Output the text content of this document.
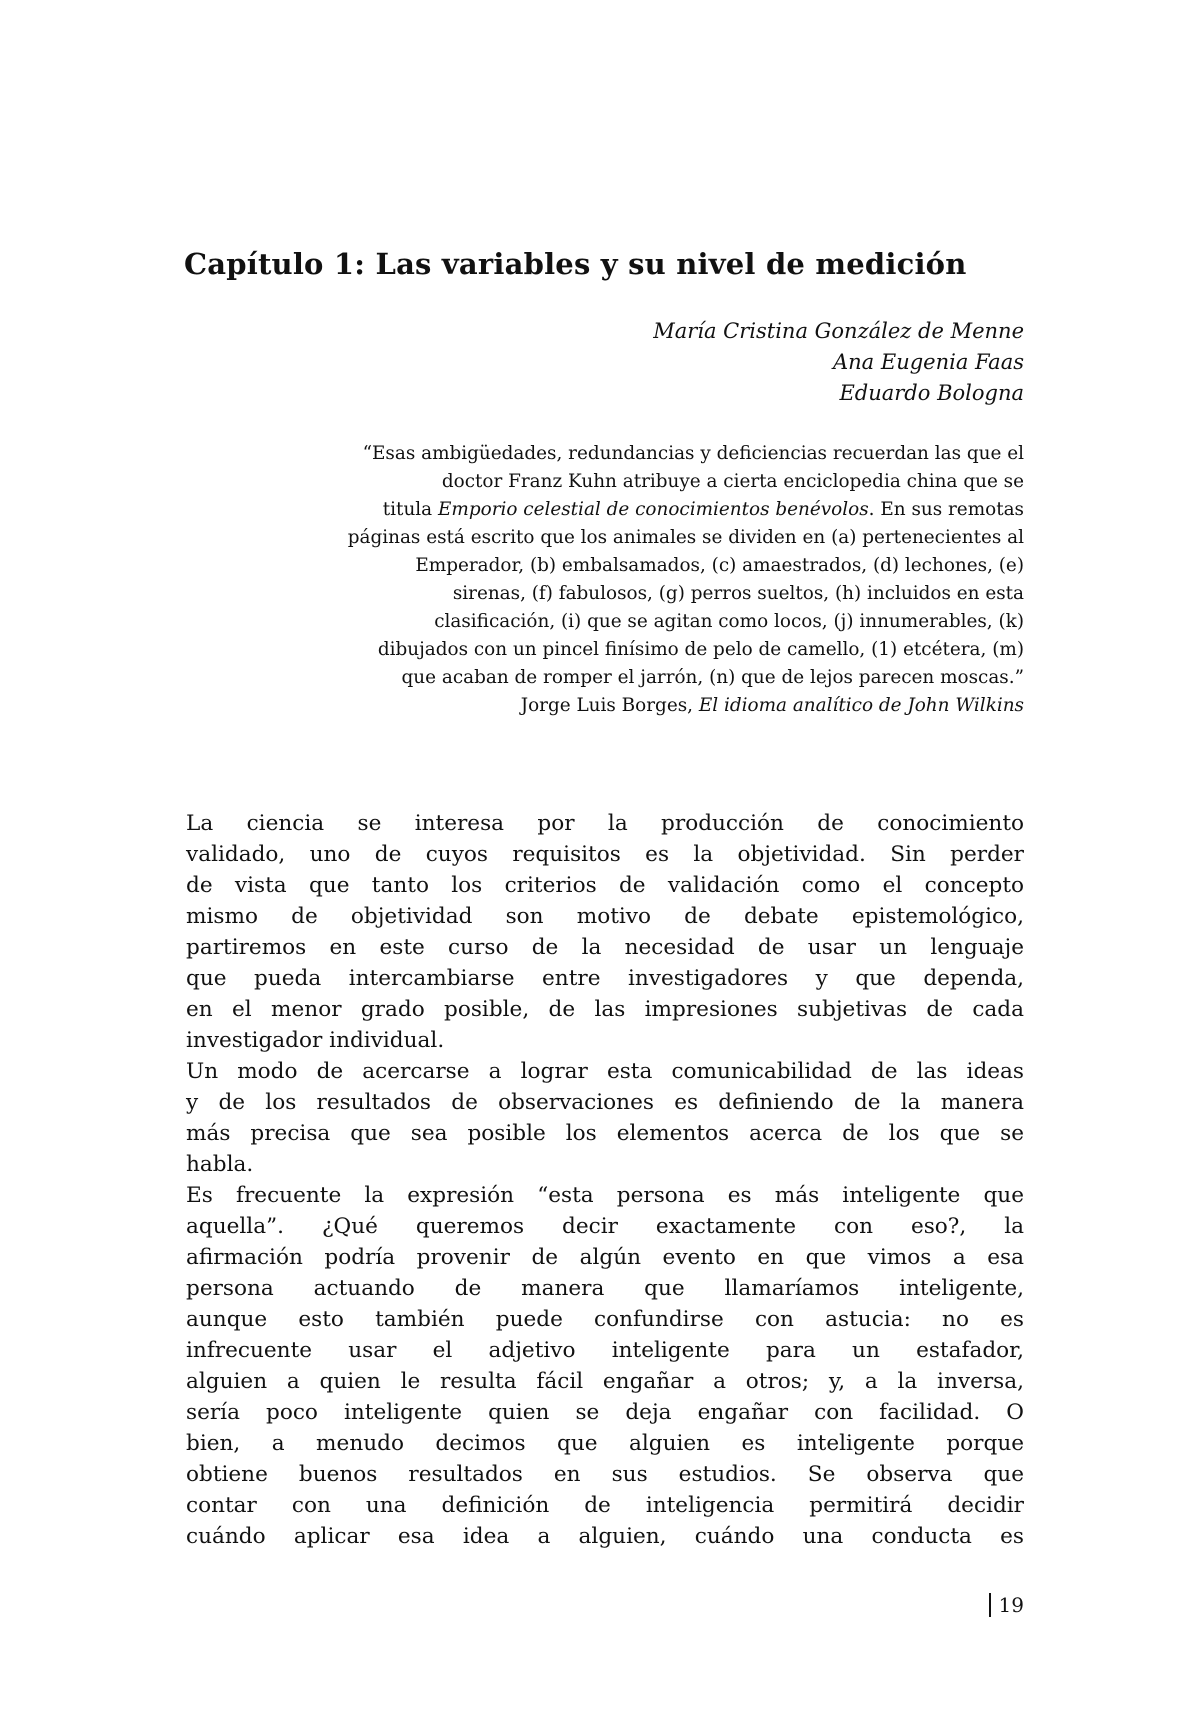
Capítulo 1: Las variables y su nivel de medición
María Cristina González de Menne
Ana Eugenia Faas
Eduardo Bologna
“Esas ambigüedades, redundancias y deficiencias recuerdan las que el
doctor Franz Kuhn atribuye a cierta enciclopedia china que se
titula Emporio celestial de conocimientos benévolos. En sus remotas
páginas está escrito que los animales se dividen en (a) pertenecientes al
Emperador, (b) embalsamados, (c) amaestrados, (d) lechones, (e)
sirenas, (f) fabulosos, (g) perros sueltos, (h) incluidos en esta
clasificación, (i) que se agitan como locos, (j) innumerables, (k)
dibujados con un pincel finísimo de pelo de camello, (1) etcétera, (m)
que acaban de romper el jarrón, (n) que de lejos parecen moscas.”
Jorge Luis Borges, El idioma analítico de John Wilkins
La ciencia se interesa por la producción de conocimiento
validado, uno de cuyos requisitos es la objetividad. Sin perder
de vista que tanto los criterios de validación como el concepto
mismo de objetividad son motivo de debate epistemológico,
partiremos en este curso de la necesidad de usar un lenguaje
que pueda intercambiarse entre investigadores y que dependa,
en el menor grado posible, de las impresiones subjetivas de cada
investigador individual.
Un modo de acercarse a lograr esta comunicabilidad de las ideas
y de los resultados de observaciones es definiendo de la manera
más precisa que sea posible los elementos acerca de los que se
habla.
Es frecuente la expresión “esta persona es más inteligente que
aquella”. ¿Qué queremos decir exactamente con eso?, la
afirmación podría provenir de algún evento en que vimos a esa
persona actuando de manera que llamaríamos inteligente,
aunque esto también puede confundirse con astucia: no es
infrecuente usar el adjetivo inteligente para un estafador,
alguien a quien le resulta fácil engañar a otros; y, a la inversa,
sería poco inteligente quien se deja engañar con facilidad. O
bien, a menudo decimos que alguien es inteligente porque
obtiene buenos resultados en sus estudios. Se observa que
contar con una definición de inteligencia permitirá decidir
cuándo aplicar esa idea a alguien, cuándo una conducta es
19
